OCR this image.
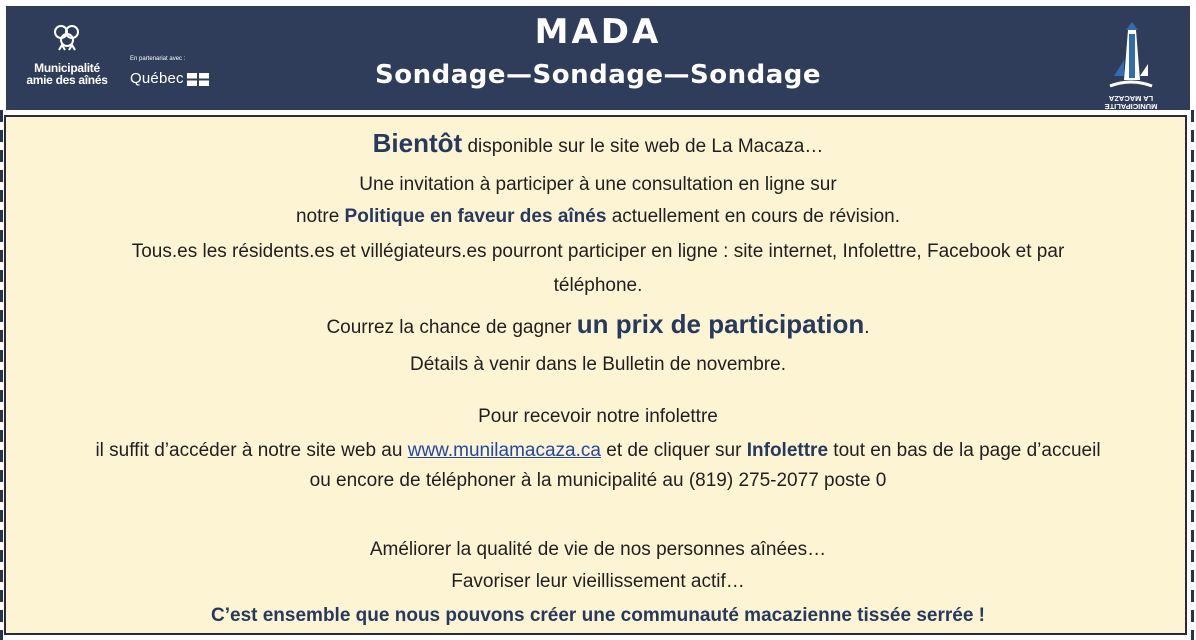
Municipalité
amie des aînés
En partenariat avec :
Québec
MADA
Sondage—Sondage—Sondage
MUNICIPALITÉ LA MACAZA
Bientôt disponible sur le site web de La Macaza…
Une invitation à participer à une consultation en ligne sur
notre Politique en faveur des aînés actuellement en cours de révision.
Tous.es les résidents.es et villégiateurs.es pourront participer en ligne : site internet, Infolettre, Facebook et par
téléphone.
Courrez la chance de gagner un prix de participation.
Détails à venir dans le Bulletin de novembre.
Pour recevoir notre infolettre
il suffit d’accéder à notre site web au www.munilamacaza.ca et de cliquer sur Infolettre tout en bas de la page d’accueil
ou encore de téléphoner à la municipalité au (819) 275-2077 poste 0
Améliorer la qualité de vie de nos personnes aînées…
Favoriser leur vieillissement actif…
C’est ensemble que nous pouvons créer une communauté macazienne tissée serrée !
